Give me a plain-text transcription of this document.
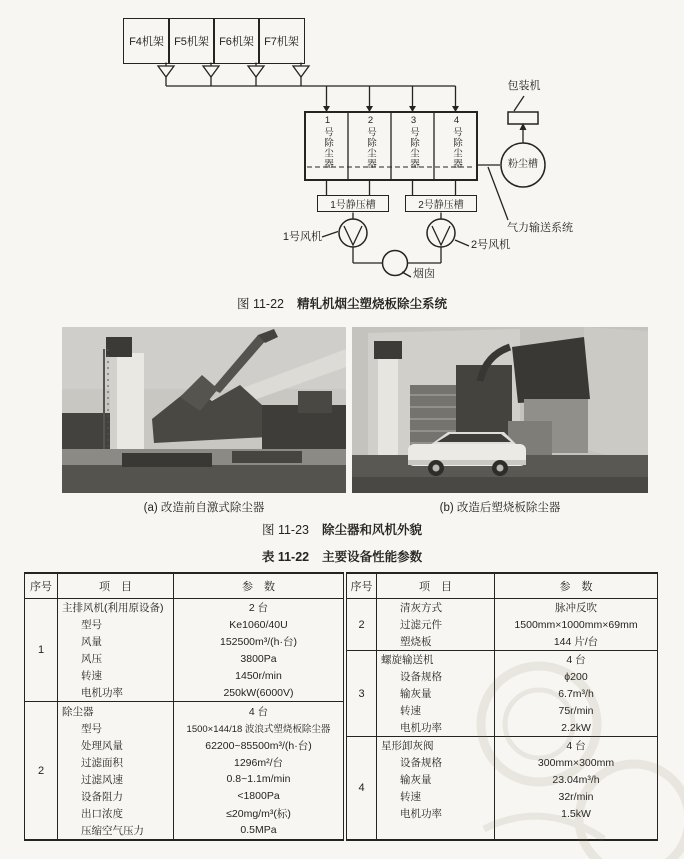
F4机架 F5机架 F6机架 F7机架
1号除尘器	2号除尘器	3号除尘器	4号除尘器
1号静压槽	2号静压槽
1号风机
2号风机
烟囱
粉尘槽
包装机
气力输送系统
图 11-22 精轧机烟尘塑烧板除尘系统
(a) 改造前自激式除尘器	(b) 改造后塑烧板除尘器
图 11-23 除尘器和风机外貌
表 11-22 主要设备性能参数
序号	项　目	参　数
1	主排风机(利用原设备)	2 台
	型号	Ke1060/40U
	风量	152500m³/(h·台)
	风压	3800Pa
	转速	1450r/min
	电机功率	250kW(6000V)
2	除尘器	4 台
	型号	1500×144/18 波浪式塑烧板除尘器
	处理风量	62200~85500m³/(h·台)
	过滤面积	1296m²/台
	过滤风速	0.8~1.1m/min
	设备阻力	<1800Pa
	出口浓度	≤20mg/m³(标)
	压缩空气压力	0.5MPa
序号	项　目	参　数
2	清灰方式	脉冲反吹
	过滤元件	1500mm×1000mm×69mm
	塑烧板	144 片/台
3	螺旋输送机	4 台
	设备规格	ϕ200
	输灰量	6.7m³/h
	转速	75r/min
	电机功率	2.2kW
4	星形卸灰阀	4 台
	设备规格	300mm×300mm
	输灰量	23.04m³/h
	转速	32r/min
	电机功率	1.5kW
